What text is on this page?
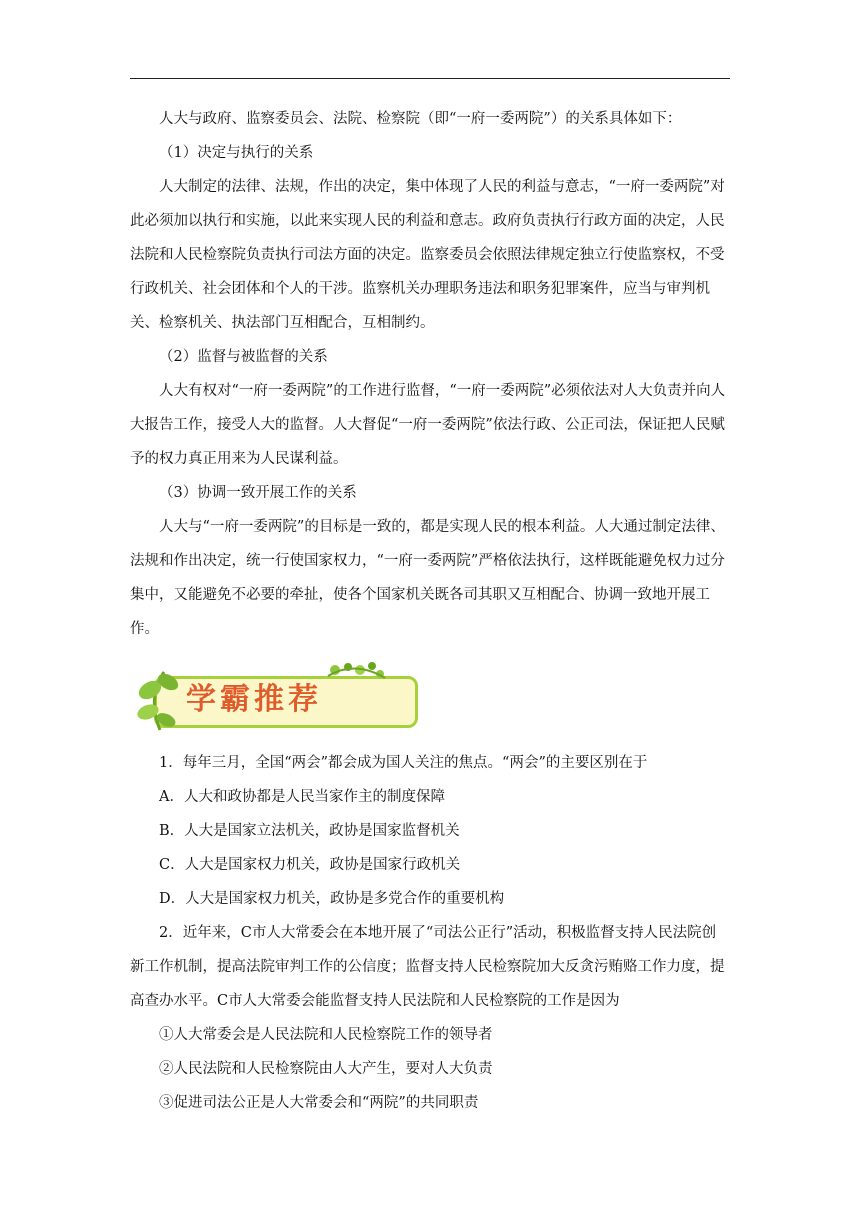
人大与政府、监察委员会、法院、检察院（即“一府一委两院”）的关系具体如下：

（1）决定与执行的关系

人大制定的法律、法规，作出的决定，集中体现了人民的利益与意志，“一府一委两院”对此必须加以执行和实施，以此来实现人民的利益和意志。政府负责执行行政方面的决定，人民法院和人民检察院负责执行司法方面的决定。监察委员会依照法律规定独立行使监察权，不受行政机关、社会团体和个人的干涉。监察机关办理职务违法和职务犯罪案件，应当与审判机关、检察机关、执法部门互相配合，互相制约。

（2）监督与被监督的关系

人大有权对“一府一委两院”的工作进行监督，“一府一委两院”必须依法对人大负责并向人大报告工作，接受人大的监督。人大督促“一府一委两院”依法行政、公正司法，保证把人民赋予的权力真正用来为人民谋利益。

（3）协调一致开展工作的关系

人大与“一府一委两院”的目标是一致的，都是实现人民的根本利益。人大通过制定法律、法规和作出决定，统一行使国家权力，“一府一委两院”严格依法执行，这样既能避免权力过分集中，又能避免不必要的牵扯，使各个国家机关既各司其职又互相配合、协调一致地开展工作。

学霸推荐

1．每年三月，全国“两会”都会成为国人关注的焦点。“两会”的主要区别在于

A．人大和政协都是人民当家作主的制度保障

B．人大是国家立法机关，政协是国家监督机关

C．人大是国家权力机关，政协是国家行政机关

D．人大是国家权力机关，政协是多党合作的重要机构

2．近年来，C市人大常委会在本地开展了“司法公正行”活动，积极监督支持人民法院创新工作机制，提高法院审判工作的公信度；监督支持人民检察院加大反贪污贿赂工作力度，提高查办水平。C市人大常委会能监督支持人民法院和人民检察院的工作是因为

①人大常委会是人民法院和人民检察院工作的领导者

②人民法院和人民检察院由人大产生，要对人大负责

③促进司法公正是人大常委会和“两院”的共同职责
